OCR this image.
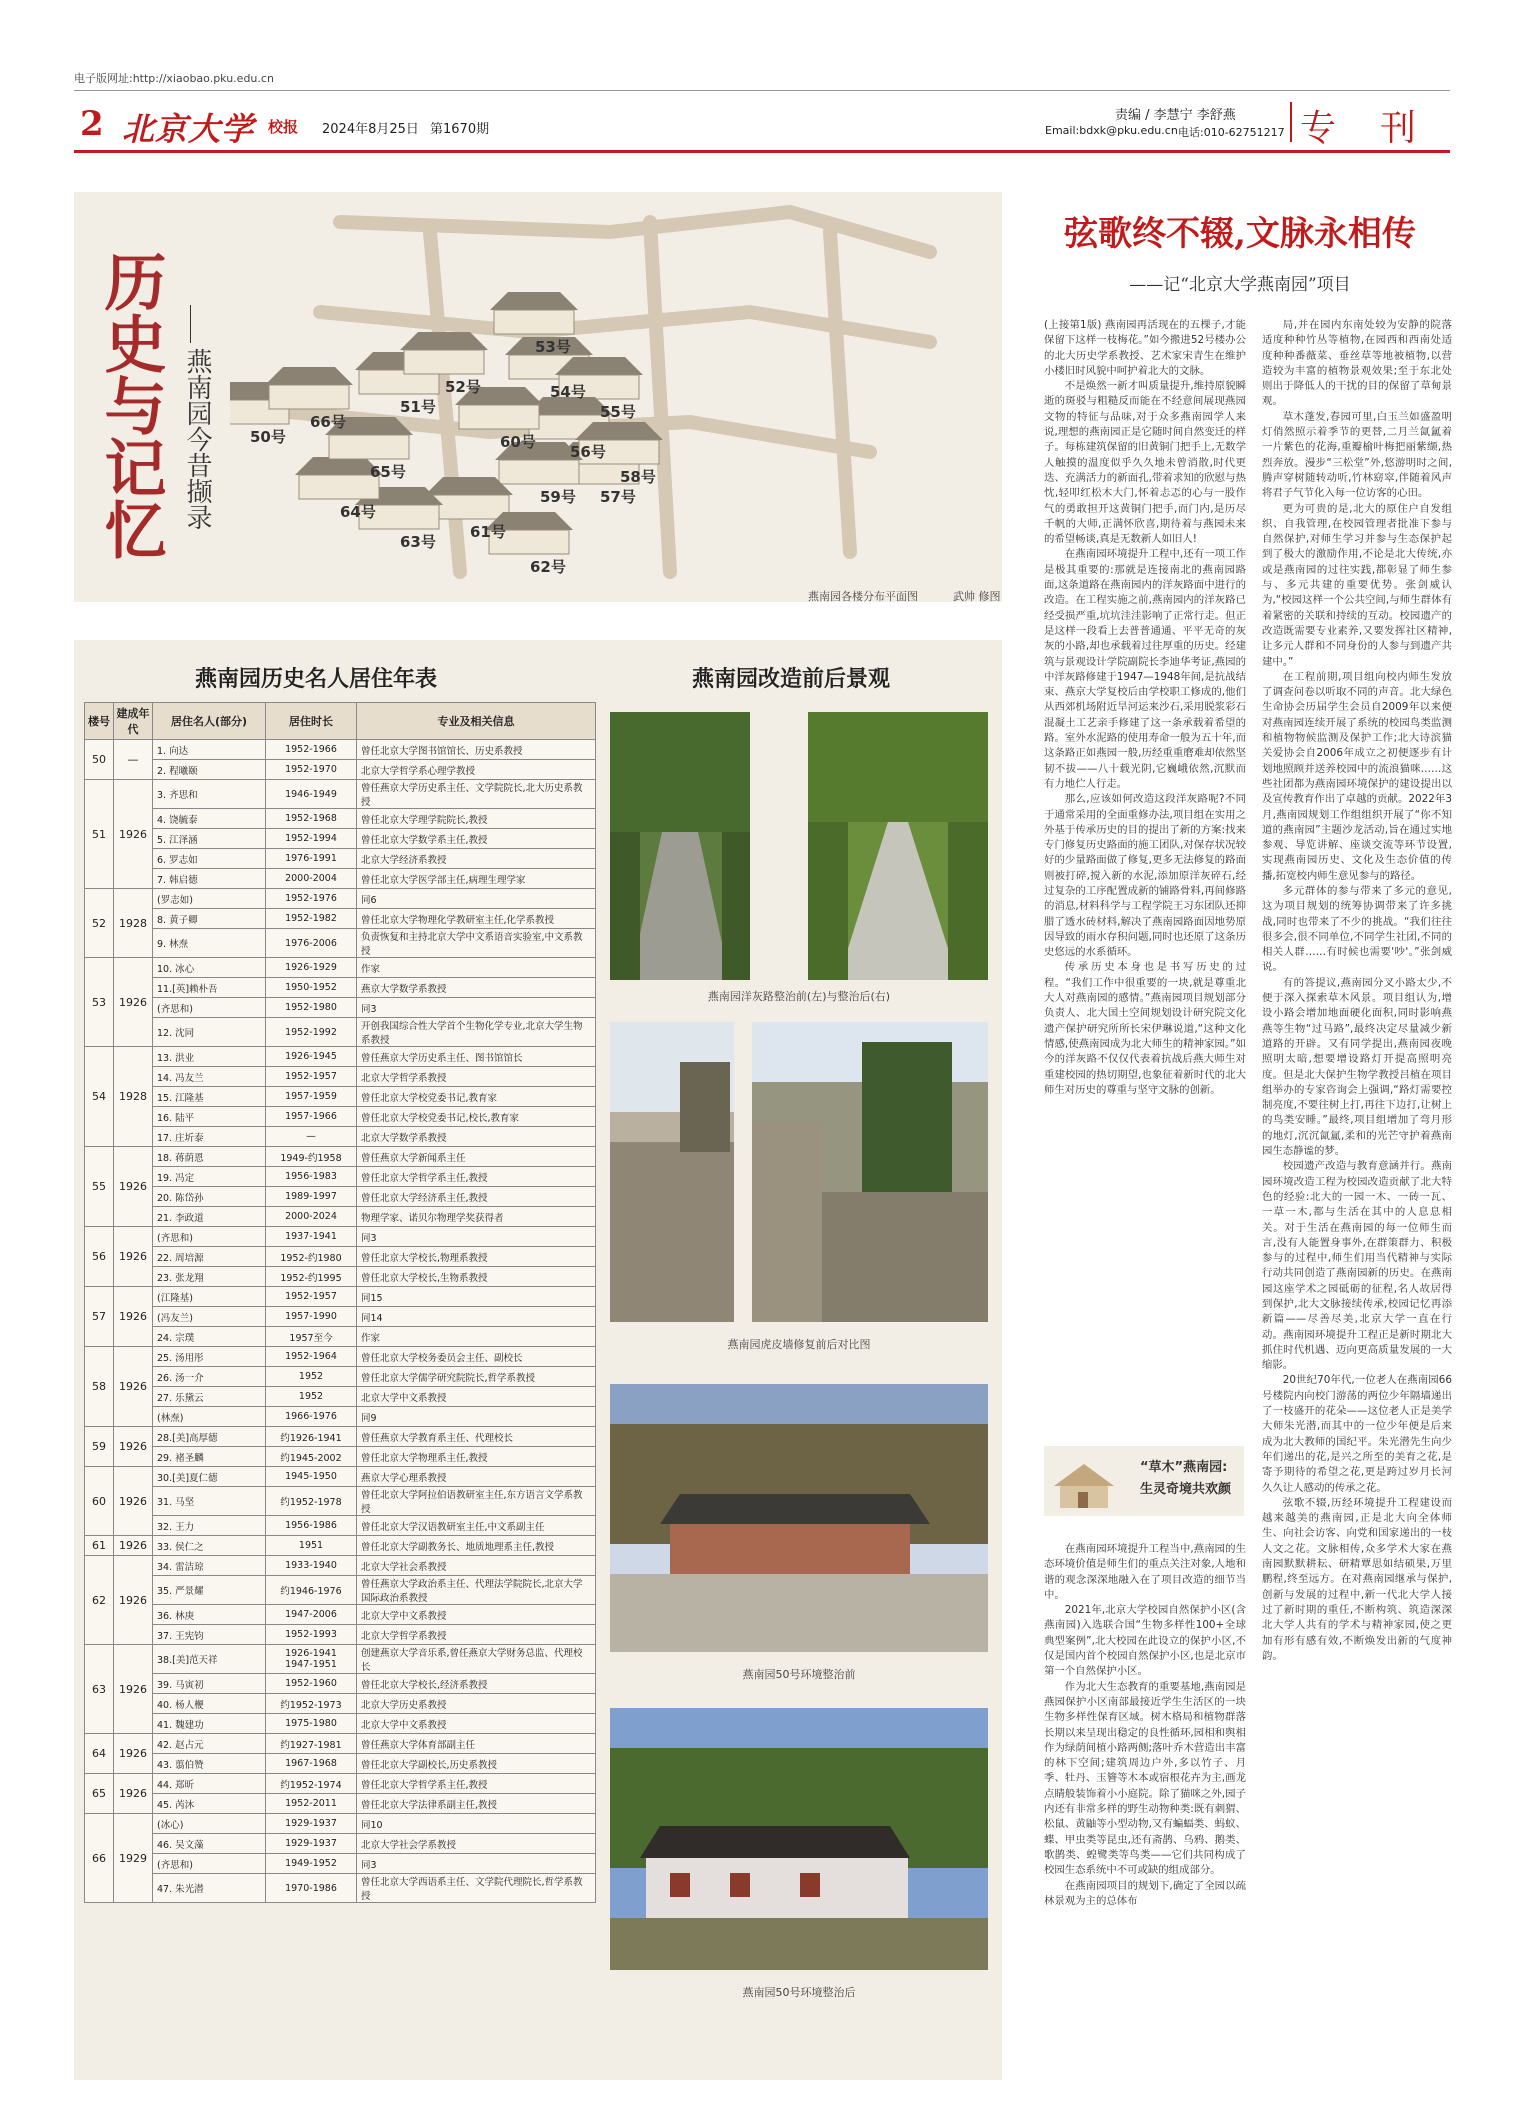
电子版网址:http://xiaobao.pku.edu.cn
2 北京大学 校报 2024年8月25日 第1670期
责编 / 李慧宁 李舒燕
Email:bdxk@pku.edu.cn 电话:010-62751217 专刊
历史与记忆 燕南园今昔撷录	50号
51号
52号
53号
54号
55号
56号
57号
58号
59号
60号
61号
62号
63号
64号
65号
66号
燕南园各楼分布平面图	武帅 修图
燕南园历史名人居住年表	燕南园改造前后景观
楼号	建成年代	居住名人(部分)	居住时长	专业及相关信息
50	—	1. 向达	1952-1966	曾任北京大学图书馆馆长、历史系教授
		2. 程曦颐	1952-1970	北京大学哲学系心理学教授
51	1926	3. 齐思和	1946-1949	曾任燕京大学历史系主任、文学院院长,北大历史系教授
		4. 饶毓泰	1952-1968	曾任北京大学理学院院长,教授
		5. 江泽涵	1952-1994	曾任北京大学数学系主任,教授
		6. 罗志如	1976-1991	北京大学经济系教授
		7. 韩启德	2000-2004	曾任北京大学医学部主任,病理生理学家
52	1928	(罗志如)	1952-1976	同6
		8. 黄子卿	1952-1982	曾任北京大学物理化学教研室主任,化学系教授
		9. 林焘	1976-2006	负责恢复和主持北京大学中文系语音实验室,中文系教授
53	1926	10. 冰心	1926-1929	作家
		11.[英]赖朴吾	1950-1952	燕京大学数学系教授
		(齐思和)	1952-1980	同3
		12. 沈同	1952-1992	开创我国综合性大学首个生物化学专业,北京大学生物系教授
54	1928	13. 洪业	1926-1945	曾任燕京大学历史系主任、图书馆馆长
		14. 冯友兰	1952-1957	北京大学哲学系教授
		15. 江隆基	1957-1959	曾任北京大学校党委书记,教育家
		16. 陆平	1957-1966	曾任北京大学校党委书记,校长,教育家
		17. 庄圻泰	—	北京大学数学系教授
55	1926	18. 蒋荫恩	1949-约1958	曾任燕京大学新闻系主任
		19. 冯定	1956-1983	曾任北京大学哲学系主任,教授
		20. 陈岱孙	1989-1997	曾任北京大学经济系主任,教授
		21. 李政道	2000-2024	物理学家、诺贝尔物理学奖获得者
56	1926	(齐思和)	1937-1941	同3
		22. 周培源	1952-约1980	曾任北京大学校长,物理系教授
		23. 张龙翔	1952-约1995	曾任北京大学校长,生物系教授
57	1926	(江隆基)	1952-1957	同15
		(冯友兰)	1957-1990	同14
		24. 宗璞	1957至今	作家
58	1926	25. 汤用彤	1952-1964	曾任北京大学校务委员会主任、副校长
		26. 汤一介	1952	曾任北京大学儒学研究院院长,哲学系教授
		27. 乐黛云	1952	北京大学中文系教授
		(林焘)	1966-1976	同9
59	1926	28.[美]高厚德	约1926-1941	曾任燕京大学教育系主任、代理校长
		29. 褚圣麟	约1945-2002	曾任北京大学物理系主任,教授
60	1926	30.[美]夏仁德	1945-1950	燕京大学心理系教授
		31. 马坚	约1952-1978	曾任北京大学阿拉伯语教研室主任,东方语言文学系教授
		32. 王力	1956-1986	曾任北京大学汉语教研室主任,中文系副主任
61	1926	33. 侯仁之	1951	曾任北京大学副教务长、地质地理系主任,教授
62	1926	34. 雷洁琼	1933-1940	北京大学社会系教授
		35. 严景耀	约1946-1976	曾任燕京大学政治系主任、代理法学院院长,北京大学国际政治系教授
		36. 林庚	1947-2006	北京大学中文系教授
		37. 王宪钧	1952-1993	北京大学哲学系教授
63	1926	38.[美]范天祥	1926-1941 1947-1951	创建燕京大学音乐系,曾任燕京大学财务总监、代理校长
		39. 马寅初	1952-1960	曾任北京大学校长,经济系教授
		40. 杨人楩	约1952-1973	北京大学历史系教授
		41. 魏建功	1975-1980	北京大学中文系教授
64	1926	42. 赵占元	约1927-1981	曾任燕京大学体育部副主任
		43. 翦伯赞	1967-1968	曾任北京大学副校长,历史系教授
65	1926	44. 郑昕	约1952-1974	曾任北京大学哲学系主任,教授
		45. 芮沐	1952-2011	曾任北京大学法律系副主任,教授
66	1929	(冰心)	1929-1937	同10
		46. 吴文藻	1929-1937	北京大学社会学系教授
		(齐思和)	1949-1952	同3
		47. 朱光潜	1970-1986	曾任北京大学西语系主任、文学院代理院长,哲学系教授
燕南园洋灰路整治前(左)与整治后(右)
燕南园虎皮墙修复前后对比图
燕南园50号环境整治前
燕南园50号环境整治后
弦歌终不辍,文脉永相传
——记“北京大学燕南园”项目

(上接第1版) 燕南园再活现在的五棵子,才能保留下这样一枝梅花。”如今搬进52号楼办公的北大历史学系教授、艺术家宋青生在维护小楼旧时风貌中呵护着北大的文脉。

不是焕然一新才叫质量提升,维持原貌瞬逝的斑驳与粗糙反而能在不经意间展现燕园文物的特征与品味,对于众多燕南园学人来说,理想的燕南园正是它随时间自然变迁的样子。每栋建筑保留的旧黄铜门把手上,无数学人触摸的温度似乎久久地未曾消散,时代更迭、充满活力的新面孔,带着求知的欣慰与热忱,轻叩红松木大门,怀着忐忑的心与一股作气的勇敢担开这黄铜门把手,而门内,是历尽千帆的大师,正满怀欣喜,期待着与燕园未来的希望畅谈,真是无数新人如旧人!

在燕南园环境提升工程中,还有一项工作是极其重要的:那就是连接南北的燕南园路面,这条道路在燕南园内的洋灰路面中进行的改造。在工程实施之前,燕南园内的洋灰路已经受损严重,坑坑洼洼影响了正常行走。但正是这样一段看上去普普通通、平平无奇的灰灰的小路,却也承载着过往厚重的历史。经建筑与景观设计学院副院长李迪华考证,燕园的中洋灰路修建于1947—1948年间,是抗战结束、燕京大学复校后由学校职工修成的,他们从西郊机场附近旱河运来沙石,采用脱浆彩石混凝土工艺亲手修建了这一条承载着希望的路。室外水泥路的使用寿命一般为五十年,而这条路正如燕园一般,历经重重磨难却依然坚韧不拔——八十载光阴,它巍峨依然,沉默而有力地伫人行走。

那么,应该如何改造这段洋灰路呢?不同于通常采用的全面重修办法,项目组在实用之外基于传承历史的目的提出了新的方案:找来专门修复历史路面的施工团队,对保存状况较好的少量路面做了修复,更多无法修复的路面则被打碎,搅入新的水泥,添加原洋灰碎石,经过复杂的工序配置成新的铺路骨料,再间修路的消息,材料科学与工程学院王习东团队还抑腊了透水砖材料,解决了燕南园路面因地势原因导致的雨水存积问题,同时也还原了这条历史悠远的水系循环。

传承历史本身也是书写历史的过程。“我们工作中很重要的一块,就是尊重北大人对燕南园的感情。”燕南园项目规划部分负责人、北大国土空间规划设计研究院文化遗产保护研究所所长宋伊琳说道,“这种文化情感,使燕南园成为北大师生的精神家园。”如今的洋灰路不仅仅代表着抗战后燕大师生对重建校园的热切期望,也象征着新时代的北大师生对历史的尊重与坚守文脉的创新。

“草木”燕南园:
生灵奇境共欢颜

在燕南园环境提升工程当中,燕南园的生态环境价值是师生们的重点关注对象,人地和谐的观念深深地融入在了项目改造的细节当中。

2021年,北京大学校园自然保护小区(含燕南园)入选联合国“生物多样性100+全球典型案例”,北大校园在此设立的保护小区,不仅是国内首个校园自然保护小区,也是北京市第一个自然保护小区。

作为北大生态教育的重要基地,燕南园是燕园保护小区南部最接近学生生活区的一块生物多样性保育区域。树木格局和植物群落长期以来呈现出稳定的良性循环,园相和舆相作为绿荫间植小路两侧;落叶乔木营造出丰富的林下空间;建筑周边户外,多以竹子、月季、牡丹、玉簪等木本或宿根花卉为主,画龙点睛般装饰着小小庭院。除了猫咪之外,园子内还有非常多样的野生动物种类:既有刺猬、松鼠、黄鼬等小型动物,又有蝙蝠类、蚂蚁、蝶、甲虫类等昆虫,还有斋鹊、乌鸦、鹅类、歌鹊类、蝗鹭类等鸟类——它们共同构成了校园生态系统中不可或缺的组成部分。

在燕南园项目的规划下,确定了全园以疏林景观为主的总体布

局,并在园内东南处较为安静的院落适度种种竹丛等植物,在园西和西南处适度种种番薇菜、垂丝草等地被植物,以营造较为丰富的植物景观效果;至于东北处则出于降低人的干扰的目的保留了草甸景观。

草木蓬发,春园可里,白玉兰如盛盈明灯俏然照示着季节的更替,二月兰氤氲着一片紫色的花海,重瓣榆叶梅把丽紫缬,热烈奔放。漫步“三松堂”外,悠游明时之间,腾声穿树随转动听,竹林窈窣,伴随着风声将君子气节化入每一位访客的心田。

更为可贵的是,北大的原住户自发组织、自我管理,在校园管理者批准下参与自然保护,对师生学习并参与生态保护起到了极大的激励作用,不论是北大传统,亦或是燕南园的过往实践,都彰显了师生参与、多元共建的重要优势。张剑威认为,“校园这样一个公共空间,与师生群体有着紧密的关联和持续的互动。校园遗产的改造既需要专业素养,又要发挥社区精神,让多元人群和不同身份的人参与到遗产共建中。”

在工程前期,项目组向校内师生发放了调查问卷以听取不同的声音。北大绿色生命协会历届学生会员自2009年以来便对燕南园连续开展了系统的校园鸟类监测和植物物候监测及保护工作;北大诗滨猫关爱协会自2006年成立之初便逐步有计划地照顾并送养校园中的流浪猫咪……这些社团都为燕南园环境保护的建设提出以及宣传教育作出了卓越的贡献。2022年3月,燕南园规划工作组组织开展了“你不知道的燕南园”主题沙龙活动,旨在通过实地参观、导览讲解、座谈交流等环节设置,实现燕南园历史、文化及生态价值的传播,拓宽校内师生意见参与的路径。

多元群体的参与带来了多元的意见,这为项目规划的统筹协调带来了许多挑战,同时也带来了不少的挑战。“我们往往很多会,很不同单位,不同学生社团,不同的相关人群……有时候也需要'吵'。”张剑威说。

有的答提议,燕南园分叉小路太少,不便于深入探索草木风景。项目组认为,增设小路会增加地面硬化面积,同时影响燕燕等生物“过马路”,最终决定尽量减少新道路的开辟。又有同学提出,燕南园夜晚照明太暗,想要增设路灯开提高照明亮度。但是北大保护生物学教授吕植在项目组举办的专家咨询会上强调,“路灯需要控制亮度,不要往树上打,再往下边打,让树上的鸟类安睡。”最终,项目组增加了弯月形的地灯,沉沉氤氲,柔和的光芒守护着燕南园生态静谧的梦。

校园遗产改造与教育意涵并行。燕南园环境改造工程为校园改造贡献了北大特色的经验:北大的一园一木、一砖一瓦、一草一木,都与生活在其中的人息息相关。对于生活在燕南园的每一位师生而言,没有人能置身事外,在群策群力、积极参与的过程中,师生们用当代精神与实际行动共同创造了燕南园新的历史。在燕南园这座学术之园砥砺的征程,名人故居得到保护,北大文脉接续传承,校园记忆再添新篇——尽善尽美,北京大学一直在行动。燕南园环境提升工程正是新时期北大抓住时代机遇、迈向更高质量发展的一大缩影。

20世纪70年代,一位老人在燕南园66号楼院内向校门游荡的两位少年隔墙递出了一枝盛开的花朵——这位老人正是美学大师朱光潜,而其中的一位少年便是后来成为北大教师的国纪平。朱光潜先生向少年们递出的花,是兴之所至的美育之花,是寄予期待的希望之花,更是跨过岁月长河久久让人感动的传承之花。

弦歌不辍,历经环境提升工程建设而越来越美的燕南园,正是北大向全体师生、向社会访客、向党和国家递出的一枝人文之花。文脉相传,众多学术大家在燕南园默默耕耘、研精覃思如结硕果,万里鹏程,终至远方。在对燕南园继承与保护,创新与发展的过程中,新一代北大学人接过了新时期的重任,不断构筑、筑造深深北大学人共有的学术与精神家园,使之更加有形有感有效,不断焕发出新的气度神韵。
